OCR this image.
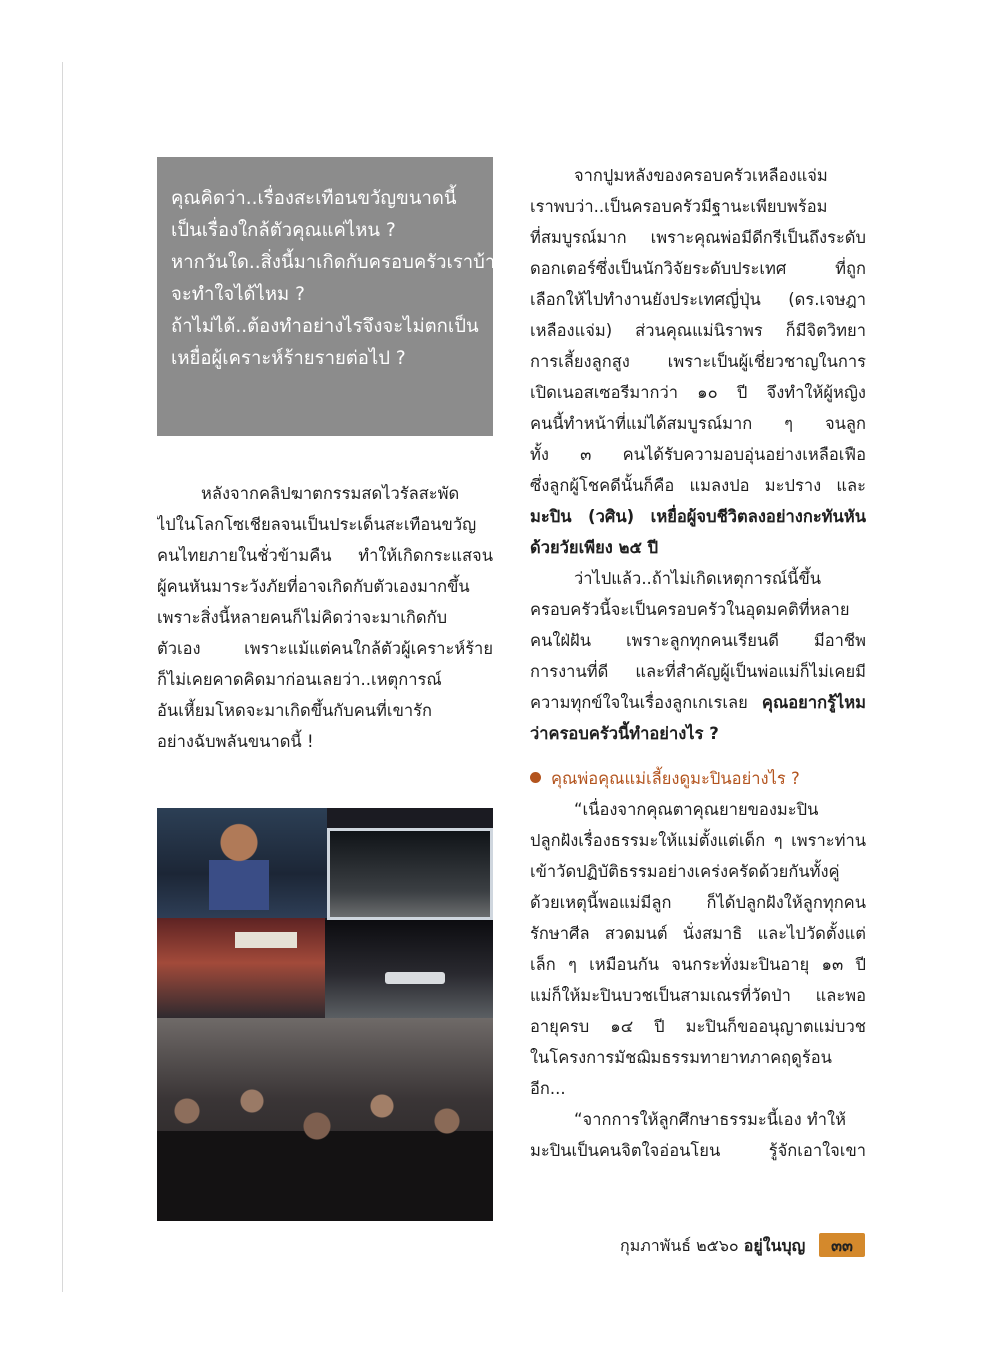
คุณคิดว่า..เรื่องสะเทือนขวัญขนาดนี้
เป็นเรื่องใกล้ตัวคุณแค่ไหน ?
หากวันใด..สิ่งนี้มาเกิดกับครอบครัวเราบ้าง
จะทำใจได้ไหม ?
ถ้าไม่ได้..ต้องทำอย่างไรจึงจะไม่ตกเป็น
เหยื่อผู้เคราะห์ร้ายรายต่อไป ?
หลังจากคลิปฆาตกรรมสดไวรัลสะพัด
ไปในโลกโซเชียลจนเป็นประเด็นสะเทือนขวัญ
คนไทยภายในชั่วข้ามคืน ทำให้เกิดกระแสจน
ผู้คนหันมาระวังภัยที่อาจเกิดกับตัวเองมากขึ้น
เพราะสิ่งนี้หลายคนก็ไม่คิดว่าจะมาเกิดกับ
ตัวเอง เพราะแม้แต่คนใกล้ตัวผู้เคราะห์ร้าย
ก็ไม่เคยคาดคิดมาก่อนเลยว่า..เหตุการณ์
อันเหี้ยมโหดจะมาเกิดขึ้นกับคนที่เขารัก
อย่างฉับพลันขนาดนี้ !
จากปูมหลังของครอบครัวเหลืองแจ่ม
เราพบว่า..เป็นครอบครัวมีฐานะเพียบพร้อม
ที่สมบูรณ์มาก เพราะคุณพ่อมีดีกรีเป็นถึงระดับ
ดอกเตอร์ซึ่งเป็นนักวิจัยระดับประเทศ ที่ถูก
เลือกให้ไปทำงานยังประเทศญี่ปุ่น (ดร.เจษฎา
เหลืองแจ่ม) ส่วนคุณแม่นิราพร ก็มีจิตวิทยา
การเลี้ยงลูกสูง เพราะเป็นผู้เชี่ยวชาญในการ
เปิดเนอสเซอรีมากว่า ๑๐ ปี จึงทำให้ผู้หญิง
คนนี้ทำหน้าที่แม่ได้สมบูรณ์มาก ๆ จนลูก
ทั้ง ๓ คนได้รับความอบอุ่นอย่างเหลือเฟือ
ซึ่งลูกผู้โชคดีนั้นก็คือ แมลงปอ มะปราง และ
มะปิน (วศิน) เหยื่อผู้จบชีวิตลงอย่างกะทันหัน
ด้วยวัยเพียง ๒๕ ปี
ว่าไปแล้ว..ถ้าไม่เกิดเหตุการณ์นี้ขึ้น
ครอบครัวนี้จะเป็นครอบครัวในอุดมคติที่หลาย
คนใฝ่ฝัน เพราะลูกทุกคนเรียนดี มีอาชีพ
การงานที่ดี และที่สำคัญผู้เป็นพ่อแม่ก็ไม่เคยมี
ความทุกข์ใจในเรื่องลูกเกเรเลย คุณอยากรู้ไหม
ว่าครอบครัวนี้ทำอย่างไร ?
คุณพ่อคุณแม่เลี้ยงดูมะปินอย่างไร ?
“เนื่องจากคุณตาคุณยายของมะปิน
ปลูกฝังเรื่องธรรมะให้แม่ตั้งแต่เด็ก ๆ เพราะท่าน
เข้าวัดปฏิบัติธรรมอย่างเคร่งครัดด้วยกันทั้งคู่
ด้วยเหตุนี้พอแม่มีลูก ก็ได้ปลูกฝังให้ลูกทุกคน
รักษาศีล สวดมนต์ นั่งสมาธิ และไปวัดตั้งแต่
เล็ก ๆ เหมือนกัน จนกระทั่งมะปินอายุ ๑๓ ปี
แม่ก็ให้มะปินบวชเป็นสามเณรที่วัดป่า และพอ
อายุครบ ๑๔ ปี มะปินก็ขออนุญาตแม่บวช
ในโครงการมัชฌิมธรรมทายาทภาคฤดูร้อน
อีก...
“จากการให้ลูกศึกษาธรรมะนี้เอง ทำให้
มะปินเป็นคนจิตใจอ่อนโยน รู้จักเอาใจเขา
กุมภาพันธ์ ๒๕๖๐ อยู่ในบุญ	๓๓
